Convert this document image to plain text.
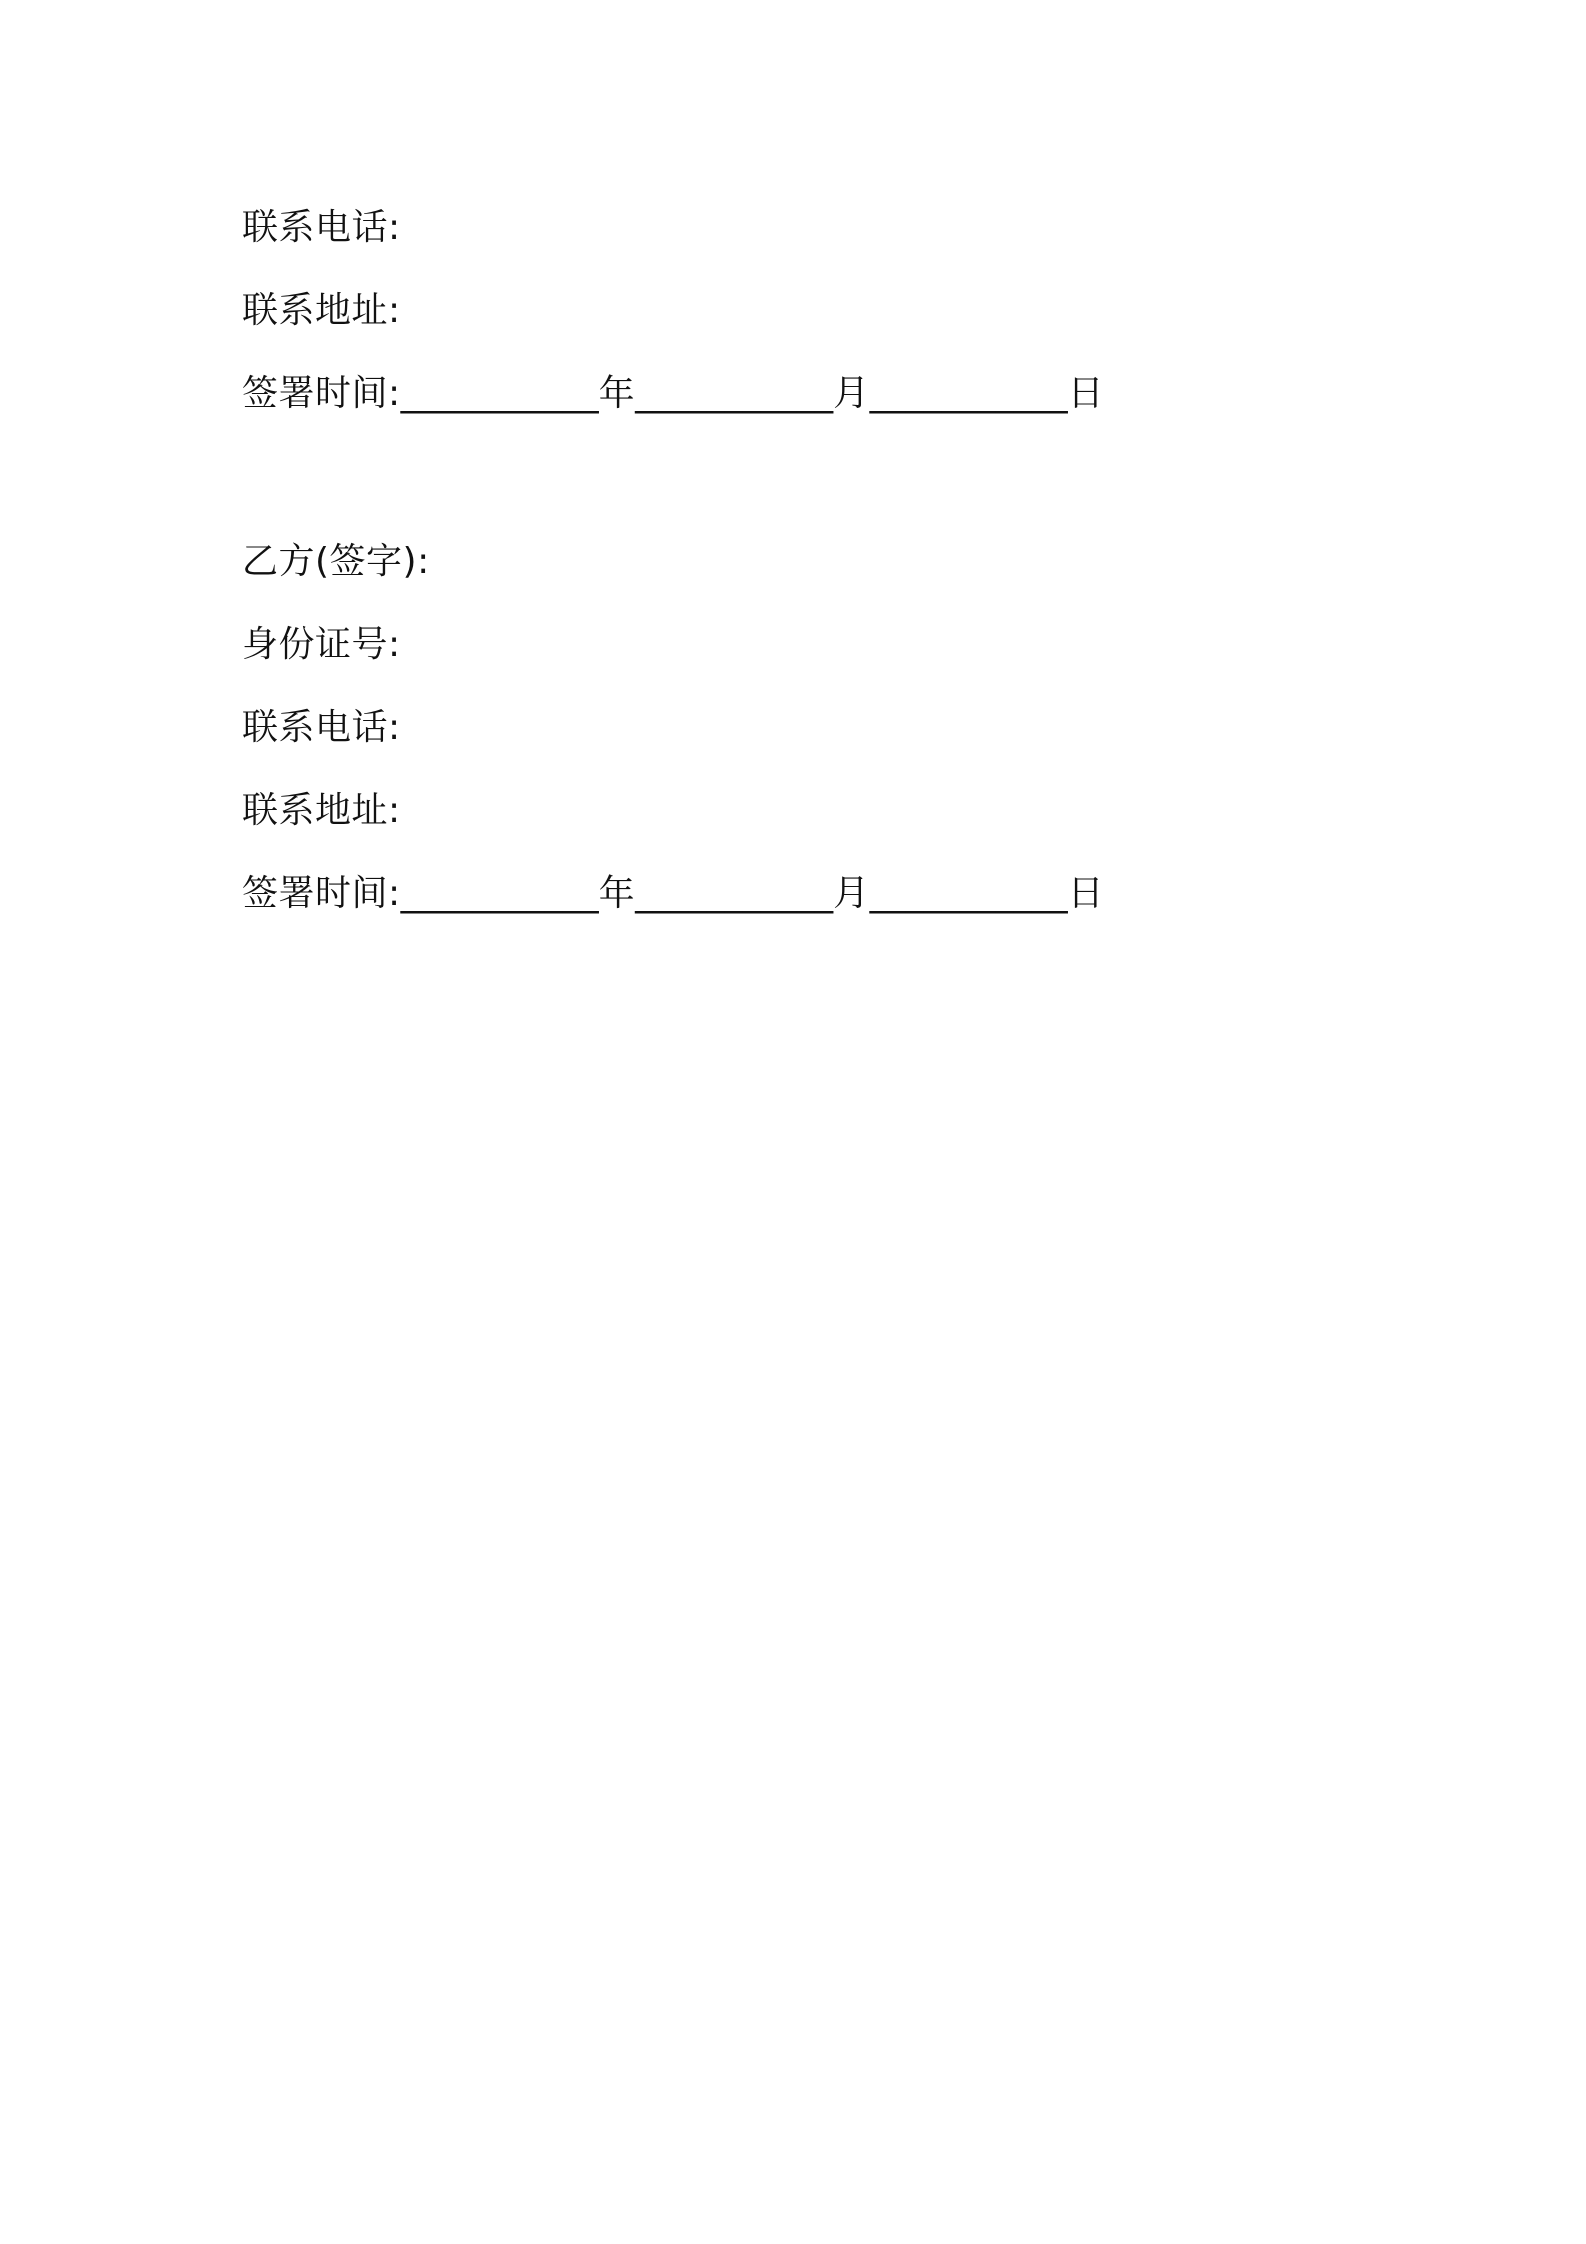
联系电话:
联系地址:
签署时间:___________年___________月___________日
乙方(签字):
身份证号:
联系电话:
联系地址:
签署时间:___________年___________月___________日
